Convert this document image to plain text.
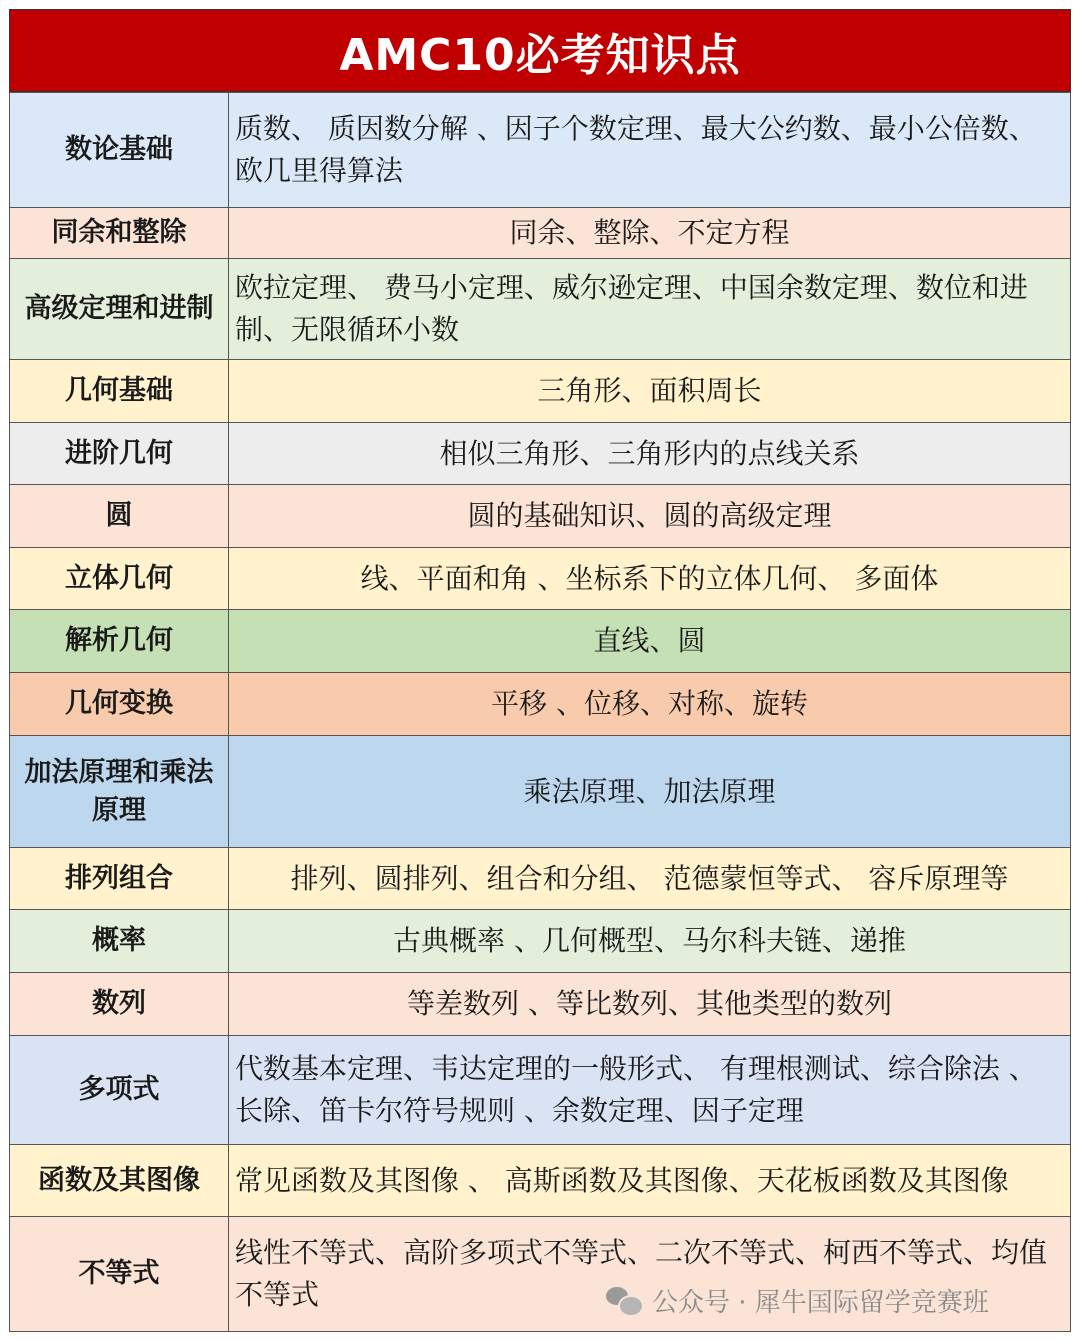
AMC10必考知识点
数论基础	质数、 质因数分解 、因子个数定理、最大公约数、最小公倍数、欧几里得算法
同余和整除	同余、整除、不定方程
高级定理和进制	欧拉定理、 费马小定理、威尔逊定理、中国余数定理、数位和进制、无限循环小数
几何基础	三角形、面积周长
进阶几何	相似三角形、三角形内的点线关系
圆	圆的基础知识、圆的高级定理
立体几何	线、平面和角 、坐标系下的立体几何、 多面体
解析几何	直线、圆
几何变换	平移 、位移、对称、旋转
加法原理和乘法原理	乘法原理、加法原理
排列组合	排列、圆排列、组合和分组、 范德蒙恒等式、 容斥原理等
概率	古典概率 、几何概型、马尔科夫链、递推
数列	等差数列 、等比数列、其他类型的数列
多项式	代数基本定理、韦达定理的一般形式、 有理根测试、综合除法 、长除、笛卡尔符号规则 、余数定理、因子定理
函数及其图像	常见函数及其图像 、 高斯函数及其图像、天花板函数及其图像
不等式	线性不等式、高阶多项式不等式、二次不等式、柯西不等式、均值不等式	公众号 · 犀牛国际留学竞赛班
